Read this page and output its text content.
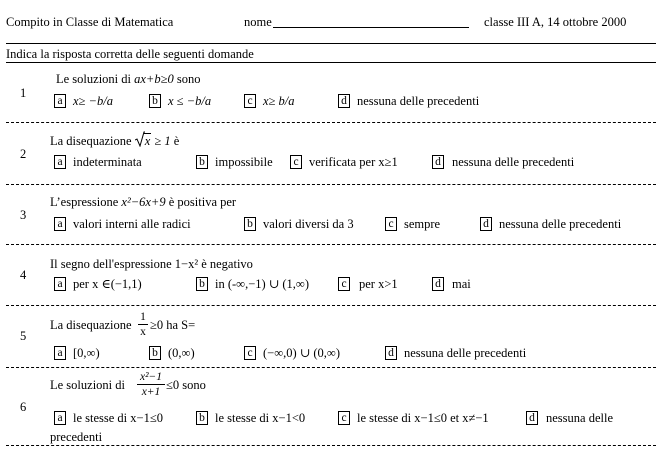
Compito in Classe di Matematica	nome	classe III A, 14 ottobre 2000
Indica la risposta corretta delle seguenti domande
1
Le soluzioni di ax+b≥0 sono
a x≥ −b/a	b x ≤ −b/a	c x≥ b/a	d nessuna delle precedenti
2
La disequazione
x ≥ 1 è
a indeterminata	b impossibile c verificata per x≥1	d nessuna delle precedenti
3
L’espressione x²−6x+9 è positiva per
a valori interni alle radici	b valori diversi da 3	c sempre	d nessuna delle precedenti
4
Il segno dell'espressione 1−x² è negativo
a per x ∈(−1,1)	b in (-∞,−1) ∪ (1,∞)	c per x>1	d mai
5
La disequazione
1
x ≥0 ha S=
a [0,∞)	b (0,∞)	c (−∞,0) ∪ (0,∞)	d nessuna delle precedenti
6
Le soluzioni di
x²−1
x+1 ≤0 sono
a le stesse di x−1≤0	b le stesse di x−1<0	c le stesse di x−1≤0 et x≠−1	d nessuna delle
precedenti
